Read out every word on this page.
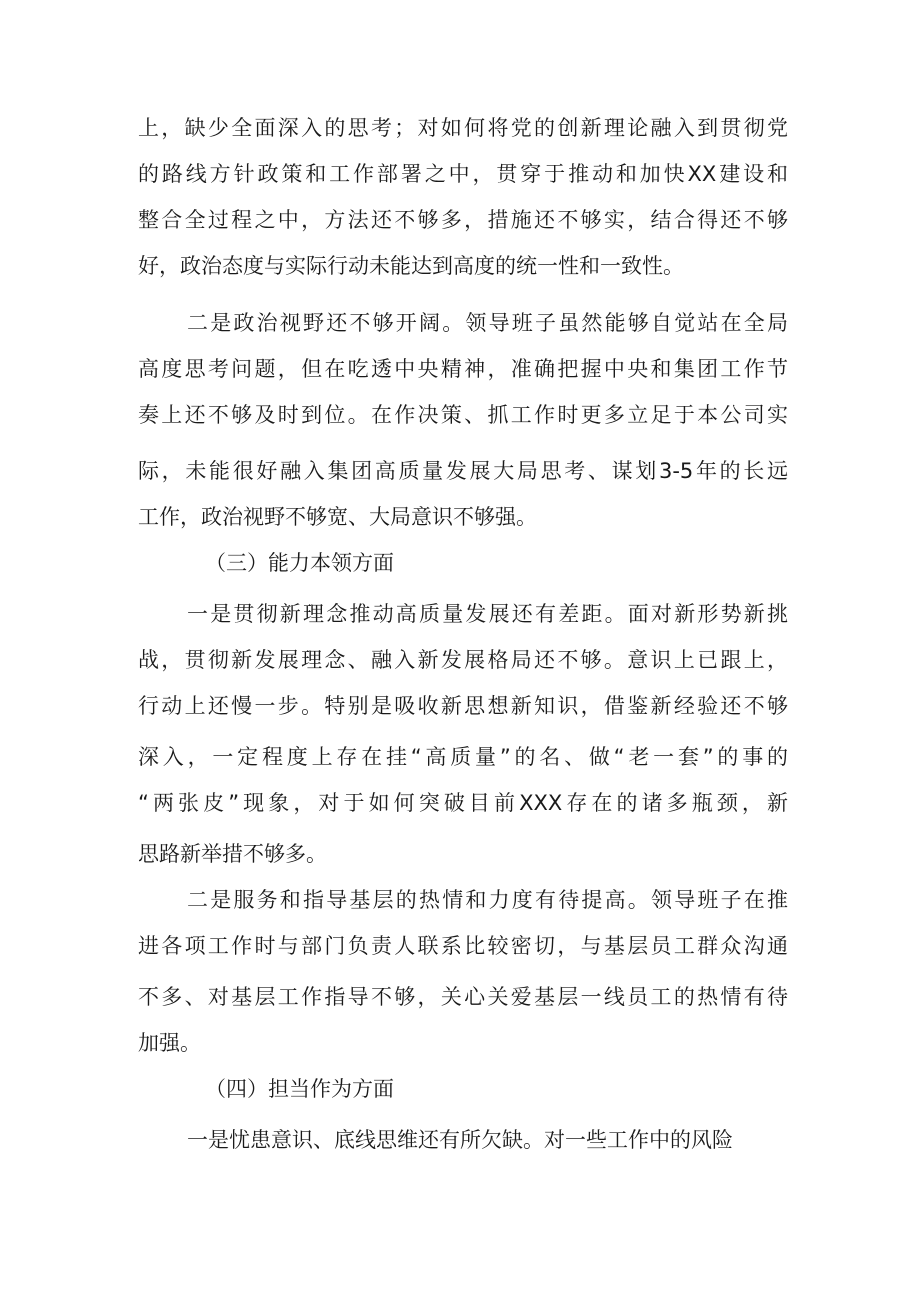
上，缺少全面深入的思考；对如何将党的创新理论融入到贯彻党
的路线方针政策和工作部署之中，贯穿于推动和加快XX建设和
整合全过程之中，方法还不够多，措施还不够实，结合得还不够
好，政治态度与实际行动未能达到高度的统一性和一致性。
二是政治视野还不够开阔。领导班子虽然能够自觉站在全局
高度思考问题，但在吃透中央精神，准确把握中央和集团工作节
奏上还不够及时到位。在作决策、抓工作时更多立足于本公司实
际，未能很好融入集团高质量发展大局思考、谋划3-5年的长远
工作，政治视野不够宽、大局意识不够强。
（三）能力本领方面
一是贯彻新理念推动高质量发展还有差距。面对新形势新挑
战，贯彻新发展理念、融入新发展格局还不够。意识上已跟上，
行动上还慢一步。特别是吸收新思想新知识，借鉴新经验还不够
深入，一定程度上存在挂“高质量”的名、做“老一套”的事的
“两张皮”现象，对于如何突破目前XXX存在的诸多瓶颈，新
思路新举措不够多。
二是服务和指导基层的热情和力度有待提高。领导班子在推
进各项工作时与部门负责人联系比较密切，与基层员工群众沟通
不多、对基层工作指导不够，关心关爱基层一线员工的热情有待
加强。
（四）担当作为方面
一是忧患意识、底线思维还有所欠缺。对一些工作中的风险
